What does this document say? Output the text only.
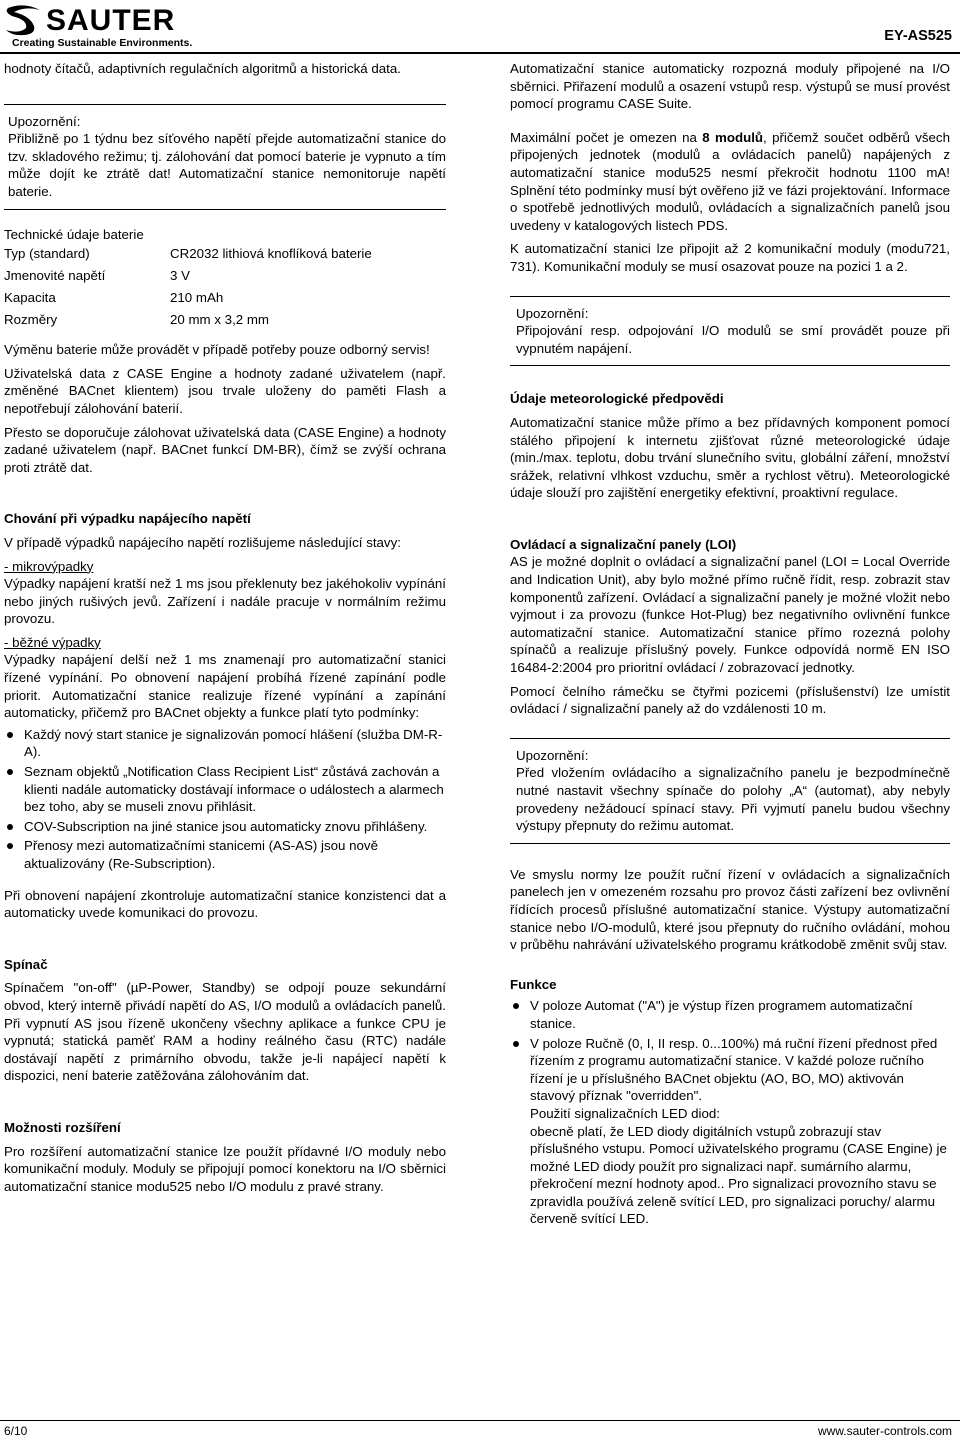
SAUTER
Creating Sustainable Environments.	EY-AS525

hodnoty čítačů, adaptivních regulačních algoritmů a historická data.

Upozornění:

Přibližně po 1 týdnu bez síťového napětí přejde automatizační stanice do tzv. skladového režimu; tj. zálohování dat pomocí baterie je vypnuto a tím může dojít ke ztrátě dat! Automatizační stanice nemonitoruje napětí baterie.

Technické údaje baterie

Typ (standard)	CR2032 lithiová knoflíková baterie
Jmenovité napětí	3 V
Kapacita	210 mAh
Rozměry	20 mm x 3,2 mm

Výměnu baterie může provádět v případě potřeby pouze odborný servis!

Uživatelská data z CASE Engine a hodnoty zadané uživatelem (např. změněné BACnet klientem) jsou trvale uloženy do paměti Flash a nepotřebují zálohování baterií.

Přesto se doporučuje zálohovat uživatelská data (CASE Engine) a hodnoty zadané uživatelem (např. BACnet funkcí DM-BR), čímž se zvýší ochrana proti ztrátě dat.

Chování při výpadku napájecího napětí

V případě výpadků napájecího napětí rozlišujeme následující stavy:

- mikrovýpadky

Výpadky napájení kratší než 1 ms jsou překlenuty bez jakéhokoliv vypínání nebo jiných rušivých jevů. Zařízení i nadále pracuje v normálním režimu provozu.

- běžné výpadky

Výpadky napájení delší než 1 ms znamenají pro automatizační stanici řízené vypínání. Po obnovení napájení probíhá řízené zapínání podle priorit. Automatizační stanice realizuje řízené vypínání a zapínání automaticky, přičemž pro BACnet objekty a funkce platí tyto podmínky:

Každý nový start stanice je signalizován pomocí hlášení (služba DM-R-A).
Seznam objektů „Notification Class Recipient List“ zůstává zachován a klienti nadále automaticky dostávají informace o událostech a alarmech bez toho, aby se museli znovu přihlásit.
COV-Subscription na jiné stanice jsou automaticky znovu přihlášeny.
Přenosy mezi automatizačními stanicemi (AS-AS) jsou nově aktualizovány (Re-Subscription).

Při obnovení napájení zkontroluje automatizační stanice konzistenci dat a automaticky uvede komunikaci do provozu.

Spínač

Spínačem "on-off" (µP-Power, Standby) se odpojí pouze sekundární obvod, který interně přivádí napětí do AS, I/O modulů a ovládacích panelů. Při vypnutí AS jsou řízeně ukončeny všechny aplikace a funkce CPU je vypnutá; statická paměť RAM a hodiny reálného času (RTC) nadále dostávají napětí z primárního obvodu, takže je-li napájecí napětí k dispozici, není baterie zatěžována zálohováním dat.

Možnosti rozšíření

Pro rozšíření automatizační stanice lze použít přídavné I/O moduly nebo komunikační moduly. Moduly se připojují pomocí konektoru na I/O sběrnici automatizační stanice modu525 nebo I/O modulu z pravé strany.

Automatizační stanice automaticky rozpozná moduly připojené na I/O sběrnici. Přiřazení modulů a osazení vstupů resp. výstupů se musí provést pomocí programu CASE Suite.

Maximální počet je omezen na 8 modulů, přičemž součet odběrů všech připojených jednotek (modulů a ovládacích panelů) napájených z automatizační stanice modu525 nesmí překročit hodnotu 1100 mA! Splnění této podmínky musí být ověřeno již ve fázi projektování. Informace o spotřebě jednotlivých modulů, ovládacích a signalizačních panelů jsou uvedeny v katalogových listech PDS.

K automatizační stanici lze připojit až 2 komunikační moduly (modu721, 731). Komunikační moduly se musí osazovat pouze na pozici 1 a 2.

Upozornění:

Připojování resp. odpojování I/O modulů se smí provádět pouze při vypnutém napájení.

Údaje meteorologické předpovědi

Automatizační stanice může přímo a bez přídavných komponent pomocí stálého připojení k internetu zjišťovat různé meteorologické údaje (min./max. teplotu, dobu trvání slunečního svitu, globální záření, množství srážek, relativní vlhkost vzduchu, směr a rychlost větru). Meteorologické údaje slouží pro zajištění energetiky efektivní, proaktivní regulace.

Ovládací a signalizační panely (LOI)

AS je možné doplnit o ovládací a signalizační panel (LOI = Local Override and Indication Unit), aby bylo možné přímo ručně řídit, resp. zobrazit stav komponentů zařízení. Ovládací a signalizační panely je možné vložit nebo vyjmout i za provozu (funkce Hot-Plug) bez negativního ovlivnění funkce automatizační stanice. Automatizační stanice přímo rozezná polohy spínačů a realizuje příslušný povely. Funkce odpovídá normě EN ISO 16484-2:2004 pro prioritní ovládací / zobrazovací jednotky.

Pomocí čelního rámečku se čtyřmi pozicemi (příslušenství) lze umístit ovládací / signalizační panely až do vzdálenosti 10 m.

Upozornění:

Před vložením ovládacího a signalizačního panelu je bezpodmínečně nutné nastavit všechny spínače do polohy „A“ (automat), aby nebyly provedeny nežádoucí spínací stavy. Při vyjmutí panelu budou všechny výstupy přepnuty do režimu automat.

Ve smyslu normy lze použít ruční řízení v ovládacích a signalizačních panelech jen v omezeném rozsahu pro provoz části zařízení bez ovlivnění řídících procesů příslušné automatizační stanice. Výstupy automatizační stanice nebo I/O-modulů, které jsou přepnuty do ručního ovládání, mohou v průběhu nahrávání uživatelského programu krátkodobě změnit svůj stav.

Funkce

V poloze Automat ("A") je výstup řízen programem automatizační stanice.
V poloze Ručně (0, I, II resp. 0...100%) má ruční řízení přednost před řízením z programu automatizační stanice. V každé poloze ručního řízení je u příslušného BACnet objektu (AO, BO, MO) aktivován stavový příznak "overridden".
Použití signalizačních LED diod:
obecně platí, že LED diody digitálních vstupů zobrazují stav příslušného vstupu. Pomocí uživatelského programu (CASE Engine) je možné LED diody použít pro signalizaci např. sumárního alarmu, překročení mezní hodnoty apod.. Pro signalizaci provozního stavu se zpravidla používá zeleně svítící LED, pro signalizaci poruchy/ alarmu červeně svítící LED.
6/10	www.sauter-controls.com
